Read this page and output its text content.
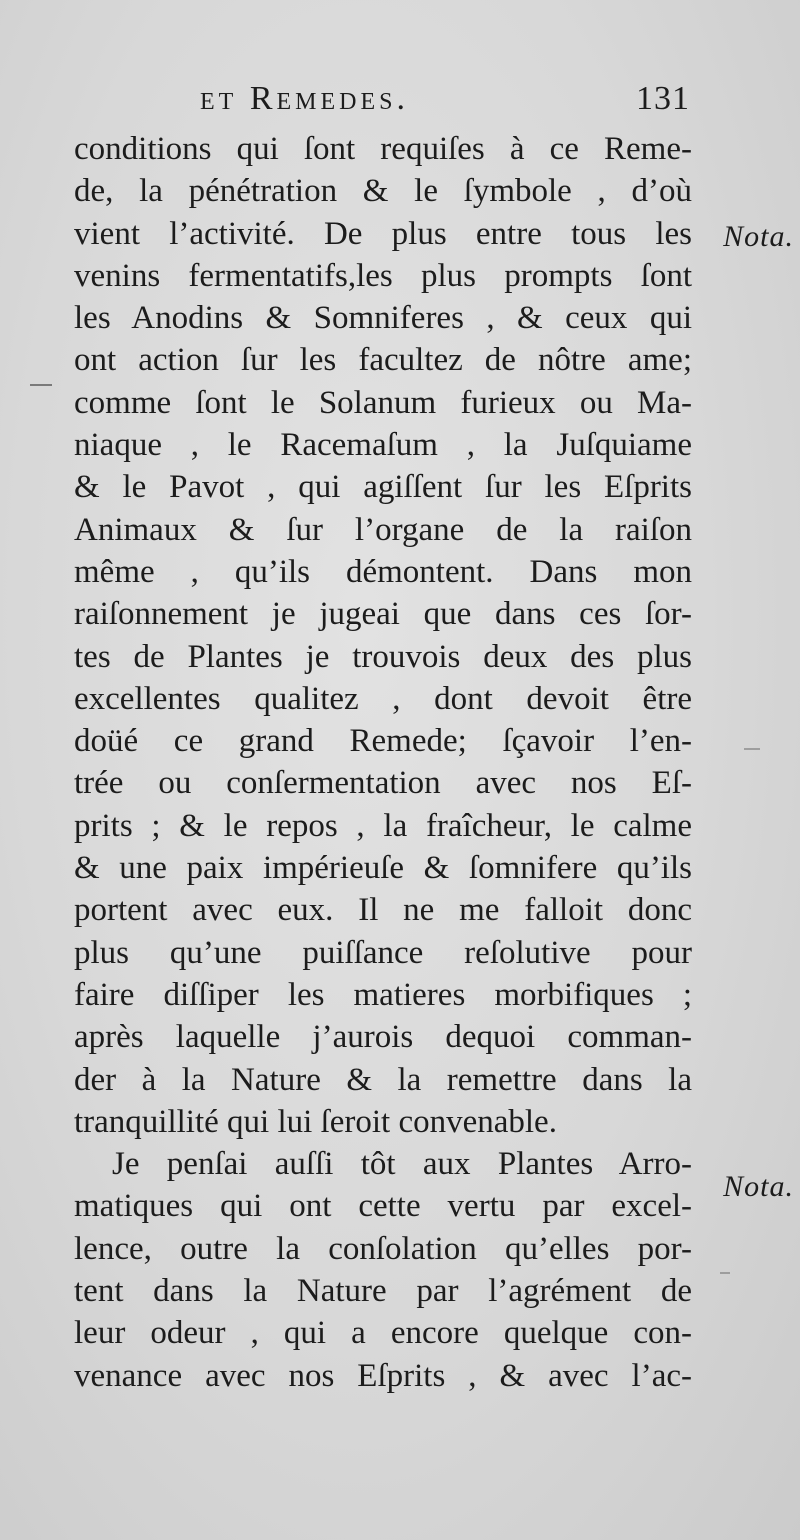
et Remedes.	131
conditions qui ſont requiſes à ce Reme-
de, la pénétration & le ſymbole , d’où
vient l’activité. De plus entre tous les
venins fermentatifs,les plus prompts ſont
les Anodins & Somniferes , & ceux qui
ont action ſur les facultez de nôtre ame;
comme ſont le Solanum furieux ou Ma-
niaque , le Racemaſum , la Juſquiame
& le Pavot , qui agiſſent ſur les Eſprits
Animaux & ſur l’organe de la raiſon
même , qu’ils démontent. Dans mon
raiſonnement je jugeai que dans ces ſor-
tes de Plantes je trouvois deux des plus
excellentes qualitez , dont devoit être
doüé ce grand Remede; ſçavoir l’en-
trée ou conſermentation avec nos Eſ-
prits ; & le repos , la fraîcheur, le calme
& une paix impérieuſe & ſomnifere qu’ils
portent avec eux. Il ne me falloit donc
plus qu’une puiſſance reſolutive pour
faire diſſiper les matieres morbifiques ;
après laquelle j’aurois dequoi comman-
der à la Nature & la remettre dans la
tranquillité qui lui ſeroit convenable.
Je penſai auſſi tôt aux Plantes Arro-
matiques qui ont cette vertu par excel-
lence, outre la conſolation qu’elles por-
tent dans la Nature par l’agrément de
leur odeur , qui a encore quelque con-
venance avec nos Eſprits , & avec l’ac-
Nota.
Nota.
